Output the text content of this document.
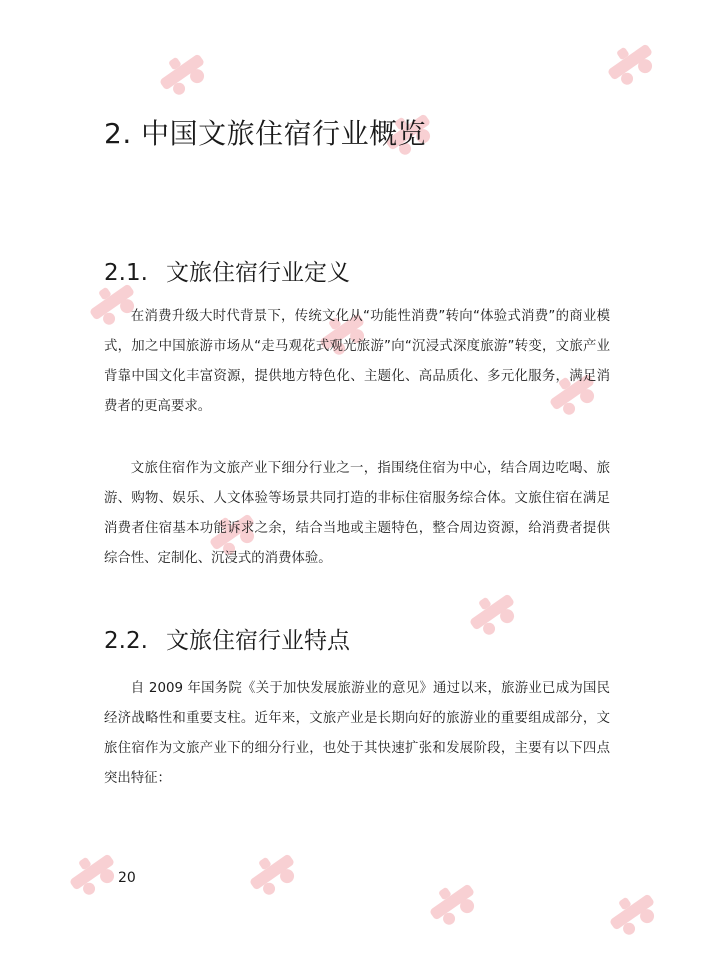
2. 中国文旅住宿行业概览
2.1. 文旅住宿行业定义

在消费升级大时代背景下，传统文化从“功能性消费”转向“体验式消费”的商业模式，加之中国旅游市场从“走马观花式观光旅游”向“沉浸式深度旅游”转变，文旅产业背靠中国文化丰富资源，提供地方特色化、主题化、高品质化、多元化服务，满足消费者的更高要求。

文旅住宿作为文旅产业下细分行业之一，指围绕住宿为中心，结合周边吃喝、旅游、购物、娱乐、人文体验等场景共同打造的非标住宿服务综合体。文旅住宿在满足消费者住宿基本功能诉求之余，结合当地或主题特色，整合周边资源，给消费者提供综合性、定制化、沉浸式的消费体验。

2.2. 文旅住宿行业特点

自 2009 年国务院《关于加快发展旅游业的意见》通过以来，旅游业已成为国民经济战略性和重要支柱。近年来，文旅产业是长期向好的旅游业的重要组成部分，文旅住宿作为文旅产业下的细分行业，也处于其快速扩张和发展阶段，主要有以下四点突出特征：

20
